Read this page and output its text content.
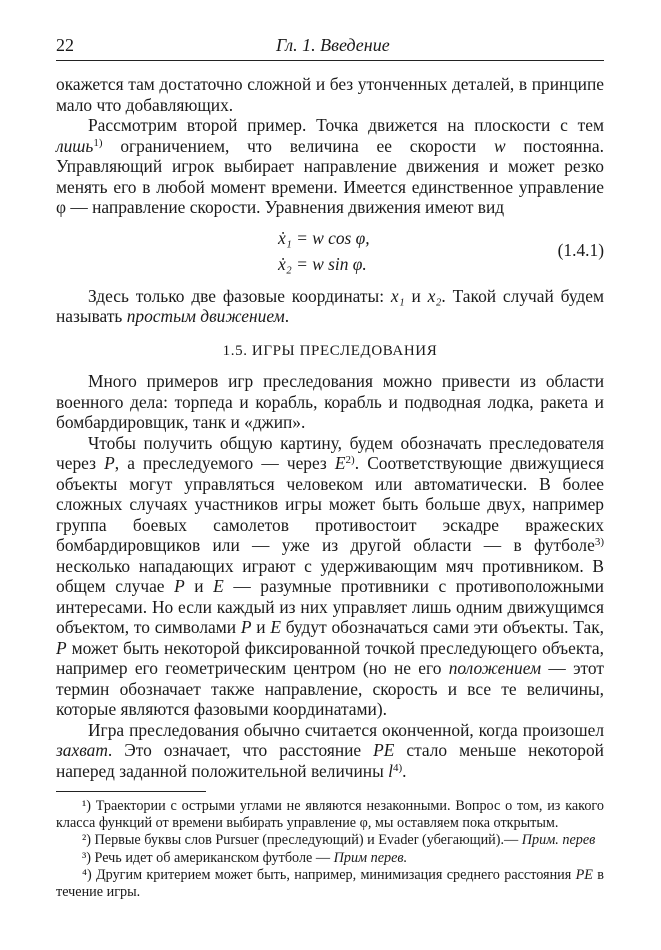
22	Гл. 1. Введение

окажется там достаточно сложной и без утонченных деталей, в принципе мало что добавляющих.

Рассмотрим второй пример. Точка движется на плоскости с тем лишь$^{1)}$ ограничением, что величина ее скорости w постоянна. Управляющий игрок выбирает направление движения и может резко менять его в любой момент времени. Имеется единственное управление φ — направление скорости. Уравнения движения имеют вид

ẋ₁ = w cos φ,
ẋ₂ = w sin φ.
(1.4.1)

Здесь только две фазовые координаты: x₁ и x₂. Такой случай будем называть простым движением.

1.5. ИГРЫ ПРЕСЛЕДОВАНИЯ

Много примеров игр преследования можно привести из области военного дела: торпеда и корабль, корабль и подводная лодка, ракета и бомбардировщик, танк и «джип».

Чтобы получить общую картину, будем обозначать преследователя через P, а преследуемого — через $E^{2)}$. Соответствующие движущиеся объекты могут управляться человеком или автоматически. В более сложных случаях участников игры может быть больше двух, например группа боевых самолетов противостоит эскадре вражеских бомбардировщиков или — уже из другой области — в футболе$^{3)}$ несколько нападающих играют с удерживающим мяч противником. В общем случае P и E — разумные противники с противоположными интересами. Но если каждый из них управляет лишь одним движущимся объектом, то символами P и E будут обозначаться сами эти объекты. Так, P может быть некоторой фиксированной точкой преследующего объекта, например его геометрическим центром (но не его положением — этот термин обозначает также направление, скорость и все те величины, которые являются фазовыми координатами).

Игра преследования обычно считается оконченной, когда произошел захват. Это означает, что расстояние PE стало меньше некоторой наперед заданной положительной величины $l^{4)}$.

¹) Траектории с острыми углами не являются незаконными. Вопрос о том, из какого класса функций от времени выбирать управление φ, мы оставляем пока открытым.

²) Первые буквы слов Pursuer (преследующий) и Evader (убегающий).— Прим. перев

³) Речь идет об американском футболе — Прим перев.

⁴) Другим критерием может быть, например, минимизация среднего расстояния PE в течение игры.
